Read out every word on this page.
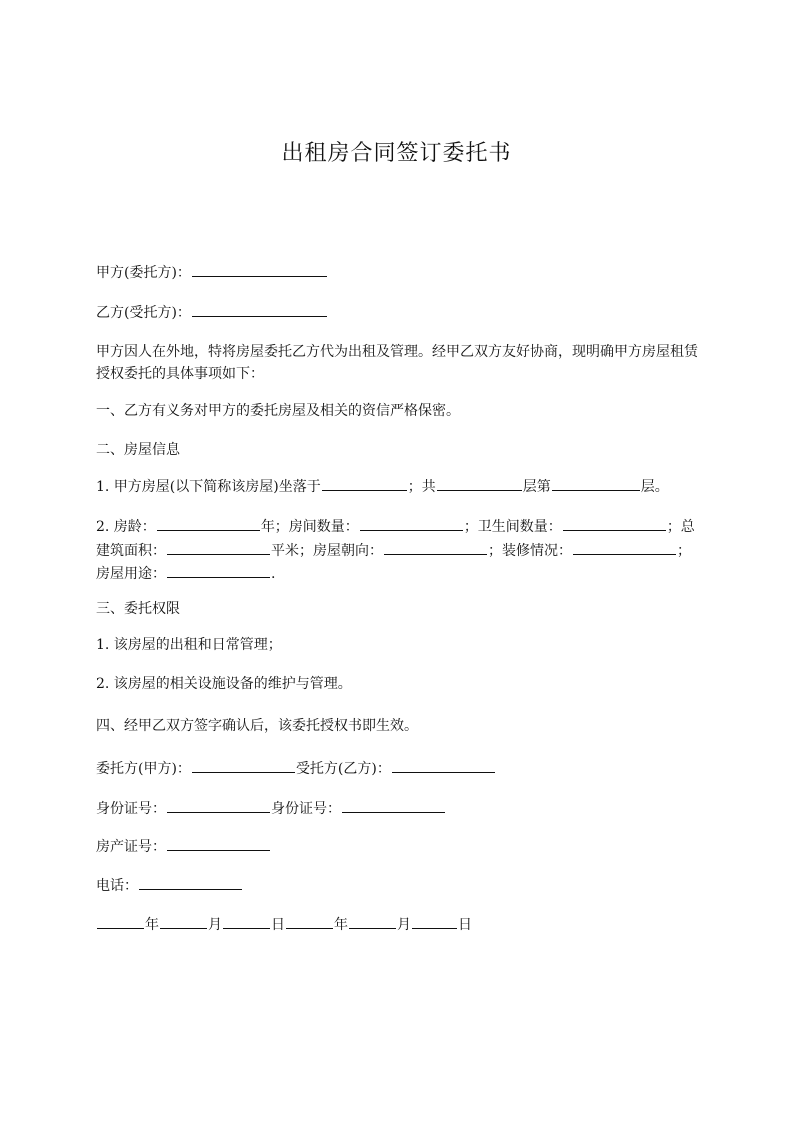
出租房合同签订委托书
甲方(委托方)：
乙方(受托方)：
甲方因人在外地，特将房屋委托乙方代为出租及管理。经甲乙双方友好协商，现明确甲方房屋租赁授权委托的具体事项如下：
一、乙方有义务对甲方的委托房屋及相关的资信严格保密。
二、房屋信息
1. 甲方房屋(以下简称该房屋)坐落于	；共	层第	层。
2. 房龄：	年；房间数量：	；卫生间数量：	；总
建筑面积：	平米；房屋朝向：	；装修情况：	；
房屋用途：	.
三、委托权限
1. 该房屋的出租和日常管理；
2. 该房屋的相关设施设备的维护与管理。
四、经甲乙双方签字确认后，该委托授权书即生效。
委托方(甲方)：	受托方(乙方)：
身份证号：	身份证号：
房产证号：
电话：
年	月	日	年	月	日
